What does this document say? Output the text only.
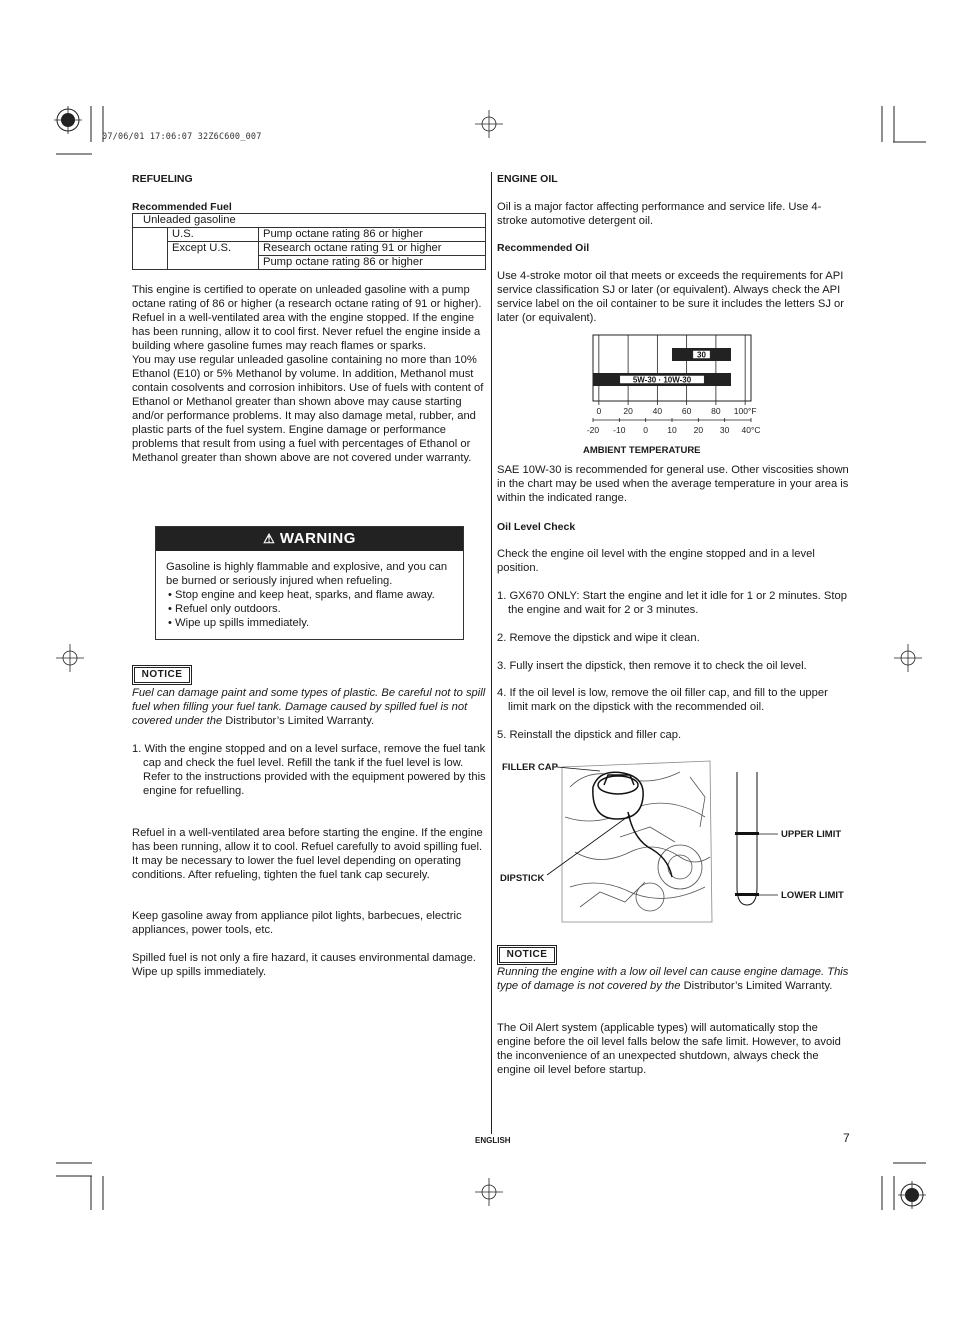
07/06/01 17:06:07 32Z6C600_007
REFUELING
Recommended Fuel
Unleaded gasoline		
	U.S.	Pump octane rating 86 or higher
	Except U.S.	Research octane rating 91 or higher
		Pump octane rating 86 or higher

This engine is certified to operate on unleaded gasoline with a pump octane rating of 86 or higher (a research octane rating of 91 or higher).

Refuel in a well-ventilated area with the engine stopped. If the engine has been running, allow it to cool first. Never refuel the engine inside a building where gasoline fumes may reach flames or sparks.

You may use regular unleaded gasoline containing no more than 10% Ethanol (E10) or 5% Methanol by volume. In addition, Methanol must contain cosolvents and corrosion inhibitors. Use of fuels with content of Ethanol or Methanol greater than shown above may cause starting and/or performance problems. It may also damage metal, rubber, and plastic parts of the fuel system. Engine damage or performance problems that result from using a fuel with percentages of Ethanol or Methanol greater than shown above are not covered under warranty.

⚠ WARNING

Gasoline is highly flammable and explosive, and you can be burned or seriously injured when refueling.

• Stop engine and keep heat, sparks, and flame away.
• Refuel only outdoors.
• Wipe up spills immediately.
NOTICE
Fuel can damage paint and some types of plastic. Be careful not to spill fuel when filling your fuel tank. Damage caused by spilled fuel is not covered under the Distributor’s Limited Warranty.

1. With the engine stopped and on a level surface, remove the fuel tank cap and check the fuel level. Refill the tank if the fuel level is low.

Refer to the instructions provided with the equipment powered by this engine for refuelling.

Refuel in a well-ventilated area before starting the engine. If the engine has been running, allow it to cool. Refuel carefully to avoid spilling fuel. It may be necessary to lower the fuel level depending on operating conditions. After refueling, tighten the fuel tank cap securely.
Keep gasoline away from appliance pilot lights, barbecues, electric appliances, power tools, etc.
Spilled fuel is not only a fire hazard, it causes environmental damage. Wipe up spills immediately.
ENGINE OIL
Oil is a major factor affecting performance and service life. Use 4-stroke automotive detergent oil.
Recommended Oil
Use 4-stroke motor oil that meets or exceeds the requirements for API service classification SJ or later (or equivalent). Always check the API service label on the oil container to be sure it includes the letters SJ or later (or equivalent).
30
5W-30 · 10W-30
0	20 40 60 80 100°F
-20 -10 0 10 20 30 40°C
AMBIENT TEMPERATURE
SAE 10W-30 is recommended for general use. Other viscosities shown in the chart may be used when the average temperature in your area is within the indicated range.
Oil Level Check
Check the engine oil level with the engine stopped and in a level position.
1. GX670 ONLY: Start the engine and let it idle for 1 or 2 minutes. Stop the engine and wait for 2 or 3 minutes.
2. Remove the dipstick and wipe it clean.
3. Fully insert the dipstick, then remove it to check the oil level.
4. If the oil level is low, remove the oil filler cap, and fill to the upper limit mark on the dipstick with the recommended oil.
5. Reinstall the dipstick and filler cap.
FILLER CAP
DIPSTICK
UPPER LIMIT
LOWER LIMIT
NOTICE
Running the engine with a low oil level can cause engine damage. This type of damage is not covered by the Distributor’s Limited Warranty.
The Oil Alert system (applicable types) will automatically stop the engine before the oil level falls below the safe limit. However, to avoid the inconvenience of an unexpected shutdown, always check the engine oil level before startup.
ENGLISH	7
